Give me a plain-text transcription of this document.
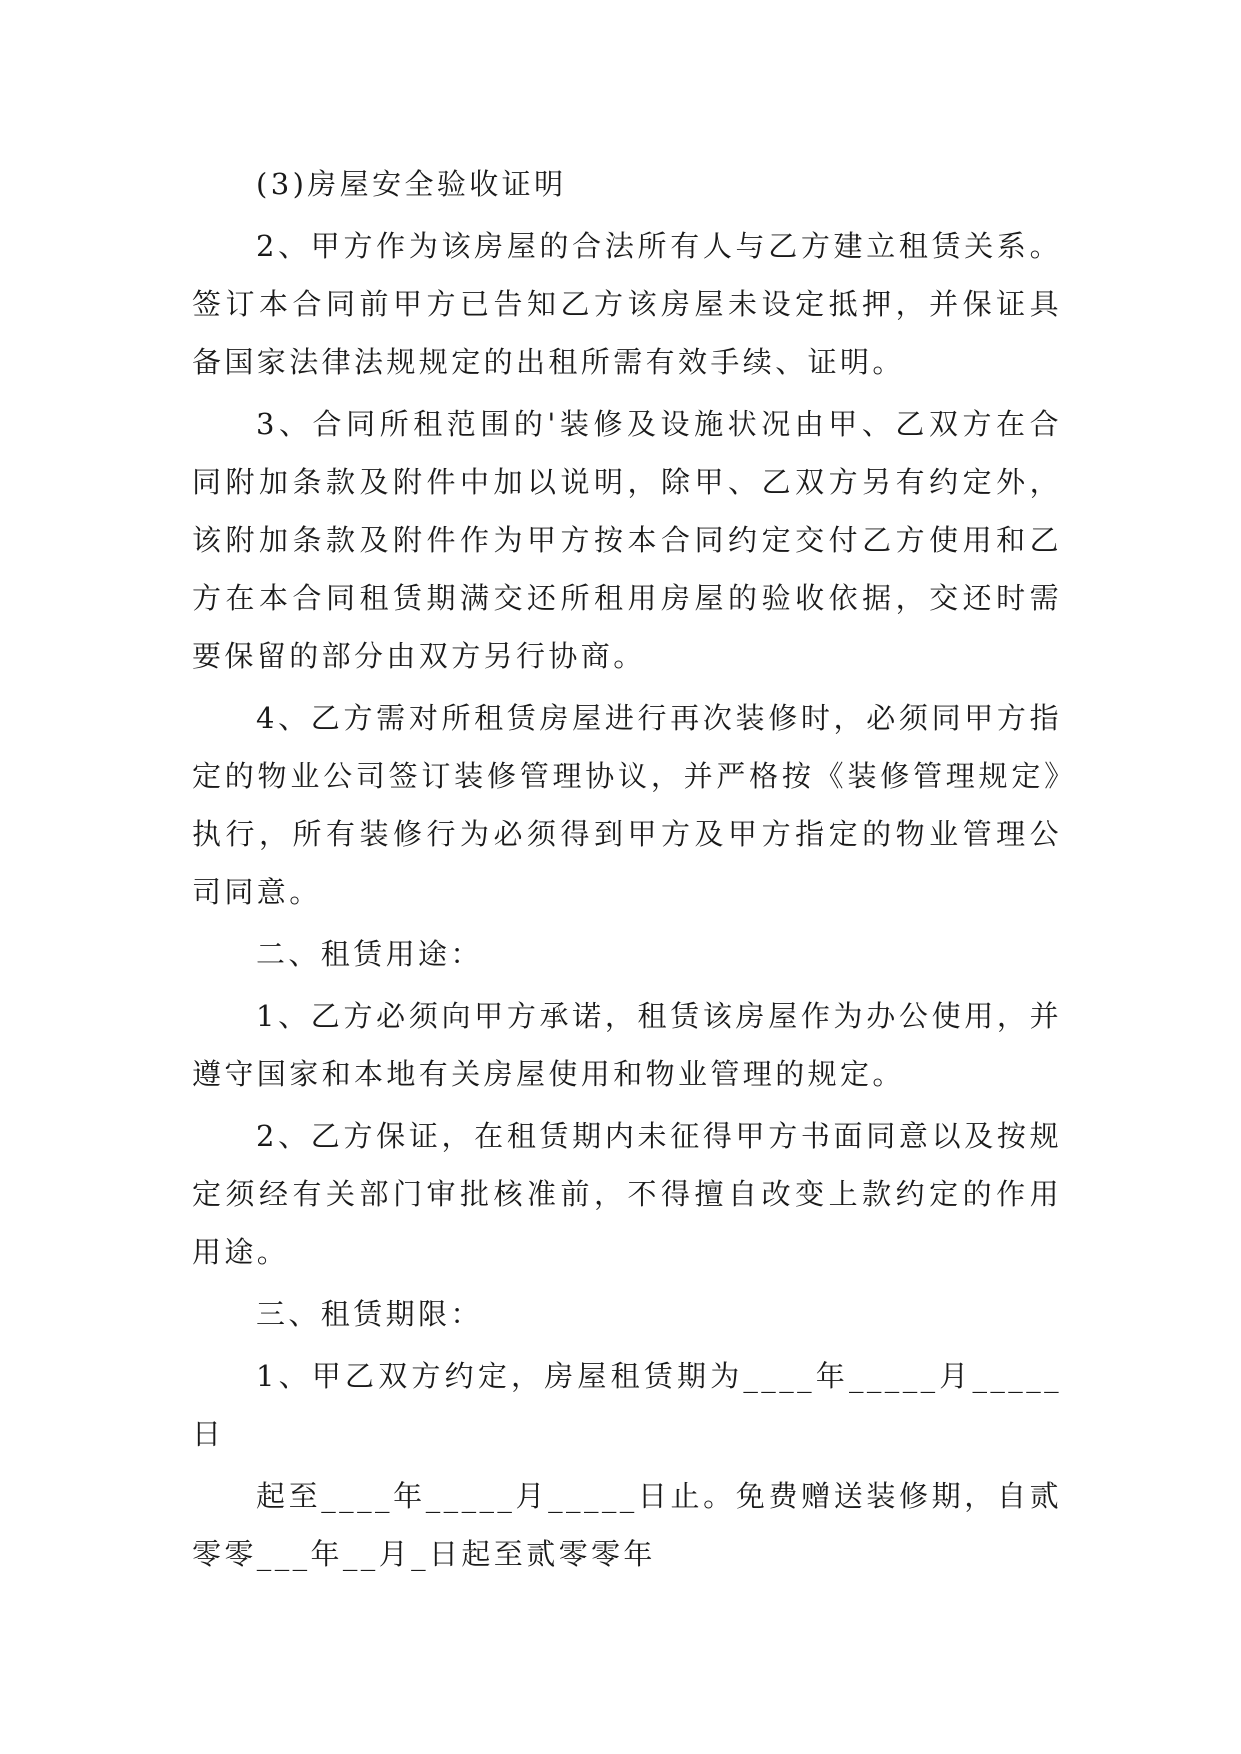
(3)房屋安全验收证明

2、甲方作为该房屋的合法所有人与乙方建立租赁关系。签订本合同前甲方已告知乙方该房屋未设定抵押，并保证具备国家法律法规规定的出租所需有效手续、证明。

3、合同所租范围的'装修及设施状况由甲、乙双方在合同附加条款及附件中加以说明，除甲、乙双方另有约定外，该附加条款及附件作为甲方按本合同约定交付乙方使用和乙方在本合同租赁期满交还所租用房屋的验收依据，交还时需要保留的部分由双方另行协商。

4、乙方需对所租赁房屋进行再次装修时，必须同甲方指定的物业公司签订装修管理协议，并严格按《装修管理规定》执行，所有装修行为必须得到甲方及甲方指定的物业管理公司同意。

二、租赁用途：

1、乙方必须向甲方承诺，租赁该房屋作为办公使用，并遵守国家和本地有关房屋使用和物业管理的规定。

2、乙方保证，在租赁期内未征得甲方书面同意以及按规定须经有关部门审批核准前，不得擅自改变上款约定的作用用途。

三、租赁期限：

1、甲乙双方约定，房屋租赁期为____年_____月_____日

起至____年_____月_____日止。免费赠送装修期，自贰零零___年__月_日起至贰零零年
